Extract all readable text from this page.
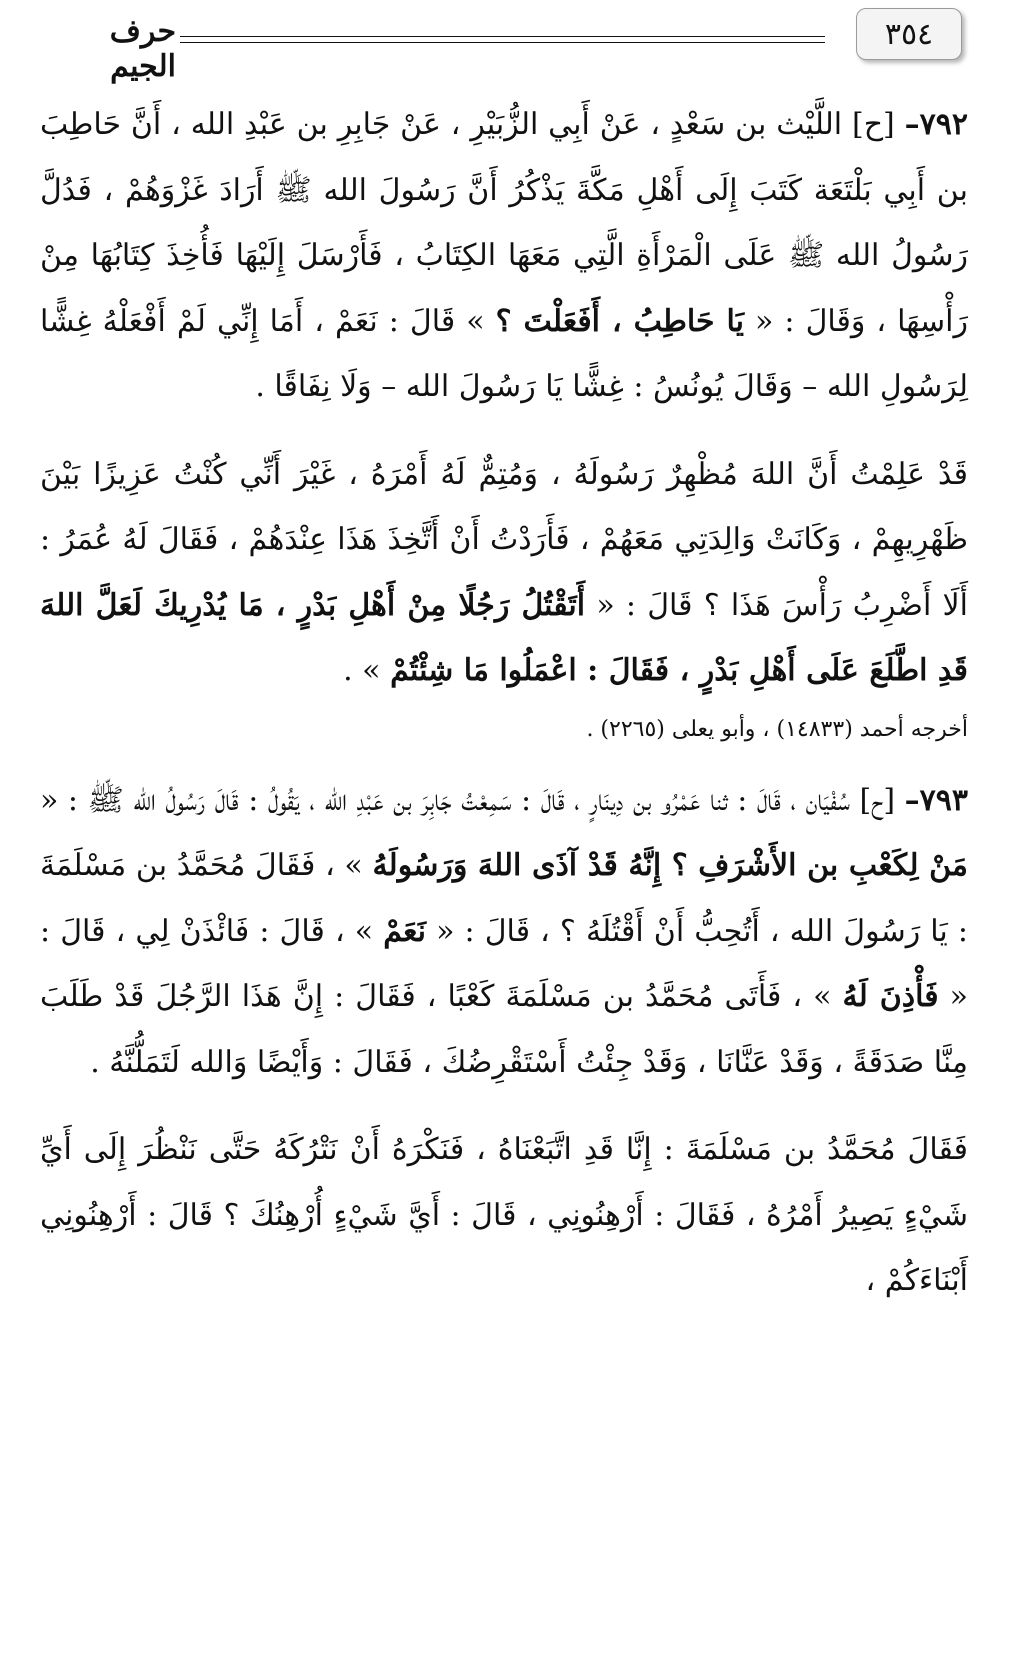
٣٥٤
حرف الجيم

٧٩٢– [ح] اللَّيْث بن سَعْدٍ ، عَنْ أَبِي الزُّبَيْرِ ، عَنْ جَابِرِ بن عَبْدِ الله ، أَنَّ حَاطِبَ بن أَبِي بَلْتَعَة كَتَبَ إِلَى أَهْلِ مَكَّةَ يَذْكُرُ أَنَّ رَسُولَ الله ﷺ أَرَادَ غَزْوَهُمْ ، فَدُلَّ رَسُولُ الله ﷺ عَلَى الْمَرْأَةِ الَّتِي مَعَهَا الكِتَابُ ، فَأَرْسَلَ إِلَيْهَا فَأُخِذَ كِتَابُهَا مِنْ رَأْسِهَا ، وَقَالَ : « يَا حَاطِبُ ، أَفَعَلْتَ ؟ » قَالَ : نَعَمْ ، أَمَا إِنِّي لَمْ أَفْعَلْهُ غِشًّا لِرَسُولِ الله – وَقَالَ يُونُسُ : غِشًّا يَا رَسُولَ الله – وَلَا نِفَاقًا .

قَدْ عَلِمْتُ أَنَّ اللهَ مُظْهِرٌ رَسُولَهُ ، وَمُتِمٌّ لَهُ أَمْرَهُ ، غَيْرَ أَنِّي كُنْتُ عَزِيزًا بَيْنَ ظَهْرِيهِمْ ، وَكَانَتْ وَالِدَتِي مَعَهُمْ ، فَأَرَدْتُ أَنْ أَتَّخِذَ هَذَا عِنْدَهُمْ ، فَقَالَ لَهُ عُمَرُ : أَلَا أَضْرِبُ رَأْسَ هَذَا ؟ قَالَ : « أَتَقْتُلُ رَجُلًا مِنْ أَهْلِ بَدْرٍ ، مَا يُدْرِيكَ لَعَلَّ اللهَ قَدِ اطَّلَعَ عَلَى أَهْلِ بَدْرٍ ، فَقَالَ : اعْمَلُوا مَا شِئْتُمْ » .

أخرجه أحمد (١٤٨٣٣) ، وأبو يعلى (٢٢٦٥) .

٧٩٣– [ح] سُفْيَان ، قَالَ : ثنا عَمْرُو بن دِينَارٍ ، قَالَ : سَمِعْتُ جَابِرَ بن عَبْدِ الله ، يَقُولُ : قَالَ رَسُولُ الله ﷺ : « مَنْ لِكَعْبِ بن الأَشْرَفِ ؟ إِنَّهُ قَدْ آذَى اللهَ وَرَسُولَهُ » ، فَقَالَ مُحَمَّدُ بن مَسْلَمَةَ : يَا رَسُولَ الله ، أَتُحِبُّ أَنْ أَقْتُلَهُ ؟ ، قَالَ : « نَعَمْ » ، قَالَ : فَائْذَنْ لِي ، قَالَ : « فَأْذِنَ لَهُ » ، فَأَتَى مُحَمَّدُ بن مَسْلَمَةَ كَعْبًا ، فَقَالَ : إِنَّ هَذَا الرَّجُلَ قَدْ طَلَبَ مِنَّا صَدَقَةً ، وَقَدْ عَنَّانَا ، وَقَدْ جِئْتُ أَسْتَقْرِضُكَ ، فَقَالَ : وَأَيْضًا وَالله لَتَمَلُّنَّهُ .

فَقَالَ مُحَمَّدُ بن مَسْلَمَةَ : إِنَّا قَدِ اتَّبَعْنَاهُ ، فَنَكْرَهُ أَنْ نَتْرُكَهُ حَتَّى نَنْظُرَ إِلَى أَيِّ شَيْءٍ يَصِيرُ أَمْرُهُ ، فَقَالَ : أَرْهِنُونِي ، قَالَ : أَيَّ شَيْءٍ أُرْهِنُكَ ؟ قَالَ : أَرْهِنُونِي أَبْنَاءَكُمْ ،
